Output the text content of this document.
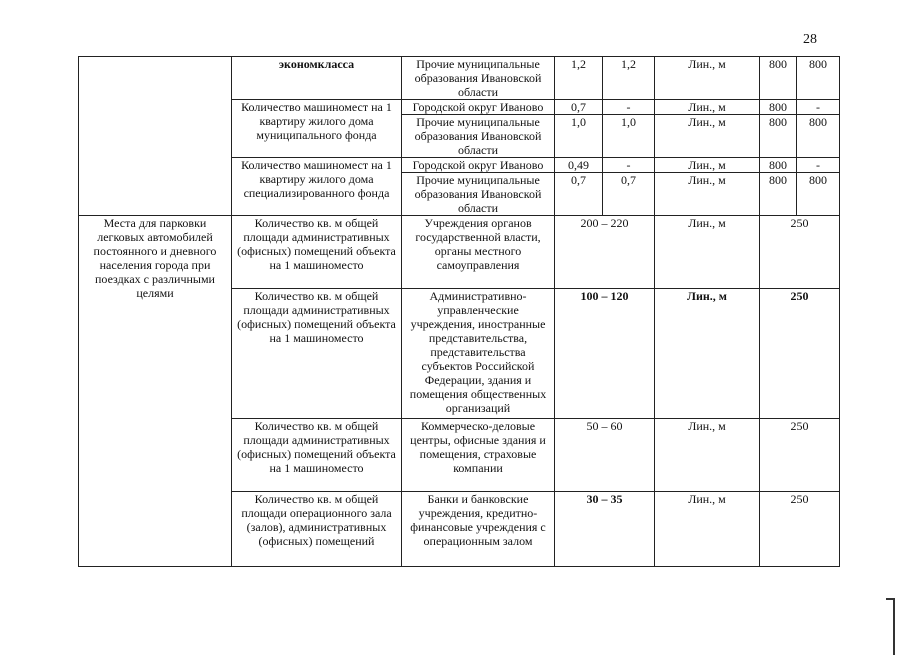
28
	экономкласса	Прочие муниципальные образования Ивановской области	1,2	1,2	Лин., м	800	800
	Количество машиномест на 1 квартиру жилого дома муниципального фонда	Городской округ Иваново	0,7	-	Лин., м	800	-
		Прочие муниципальные образования Ивановской области	1,0	1,0	Лин., м	800	800
	Количество машиномест на 1 квартиру жилого дома специализированного фонда	Городской округ Иваново	0,49	-	Лин., м	800	-
		Прочие муниципальные образования Ивановской области	0,7	0,7	Лин., м	800	800
Места для парковки легковых автомобилей постоянного и дневного населения города при поездках с различными целями	Количество кв. м общей площади административных (офисных) помещений объекта на 1 машиноместо	Учреждения органов государственной власти, органы местного самоуправления	200 – 220	Лин., м	250
	Количество кв. м общей площади административных (офисных) помещений объекта на 1 машиноместо	Административно-управленческие учреждения, иностранные представительства, представительства субъектов Российской Федерации, здания и помещения общественных организаций	100 – 120	Лин., м	250
	Количество кв. м общей площади административных (офисных) помещений объекта на 1 машиноместо	Коммерческо-деловые центры, офисные здания и помещения, страховые компании	50 – 60	Лин., м	250
	Количество кв. м общей площади операционного зала (залов), административных (офисных) помещений	Банки и банковские учреждения, кредитно-финансовые учреждения с операционным залом	30 – 35	Лин., м	250
